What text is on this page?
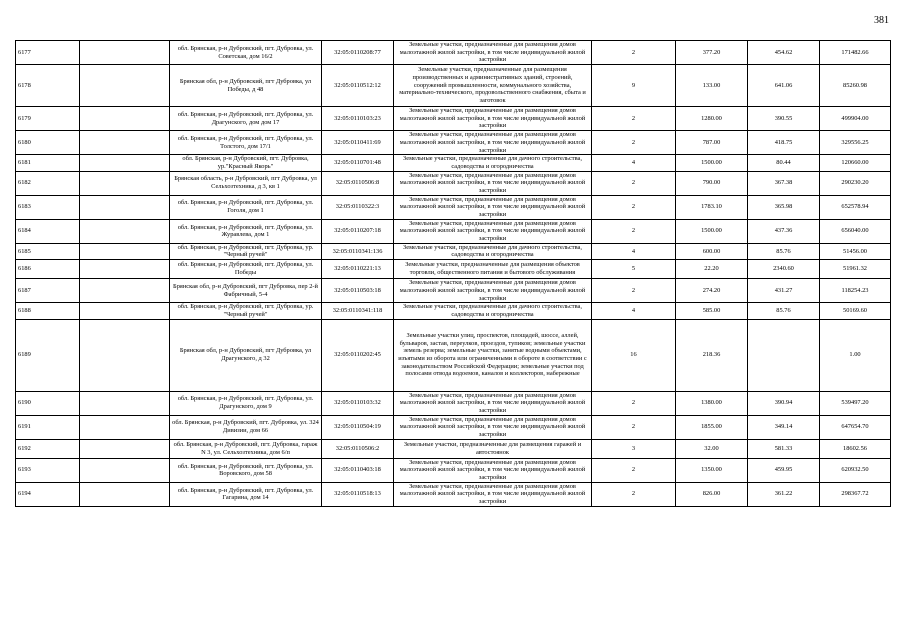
381
6177		обл. Брянская, р-н Дубровский, пгт. Дубровка, ул. Советская, дом 16/2	32:05:0110208:77	Земельные участки, предназначенные для размещения домов малоэтажной жилой застройки, в том числе индивидуальной жилой застройки	2	377.20	454.62	171482.66
6178		Брянская обл, р-н Дубровский, пгт Дубровка, ул Победы, д 48	32:05:0110512:12	Земельные участки, предназначенные для размещения производственных и административных зданий, строений, сооружений промышленности, коммунального хозяйства, материально-технического, продовольственного снабжения, сбыта и заготовок	9	133.00	641.06	85260.98
6179		обл. Брянская, р-н Дубровский, пгт. Дубровка, ул. Драгунского, дом дом 17	32:05:0110103:23	Земельные участки, предназначенные для размещения домов малоэтажной жилой застройки, в том числе индивидуальной жилой застройки	2	1280.00	390.55	499904.00
6180		обл. Брянская, р-н Дубровский, пгт. Дубровка, ул. Толстого, дом 17/1	32:05:0110411:69	Земельные участки, предназначенные для размещения домов малоэтажной жилой застройки, в том числе индивидуальной жилой застройки	2	787.00	418.75	329556.25
6181		обл. Брянская, р-н Дубровский, пгт. Дубровка, ур."Красный Якорь"	32:05:0110701:48	Земельные участки, предназначенные для дачного строительства, садоводства и огородничества	4	1500.00	80.44	120660.00
6182		Брянская область, р-н Дубровский, пгт Дубровка, ул Сельхозтехника, д 3, кв 1	32:05:0110506:8	Земельные участки, предназначенные для размещения домов малоэтажной жилой застройки, в том числе индивидуальной жилой застройки	2	790.00	367.38	290230.20
6183		обл. Брянская, р-н Дубровский, пгт. Дубровка, ул. Гоголя, дом 1	32:05:0110322:3	Земельные участки, предназначенные для размещения домов малоэтажной жилой застройки, в том числе индивидуальной жилой застройки	2	1783.10	365.98	652578.94
6184		обл. Брянская, р-н Дубровский, пгт. Дубровка, ул. Журавлева, дом 1	32:05:0110207:18	Земельные участки, предназначенные для размещения домов малоэтажной жилой застройки, в том числе индивидуальной жилой застройки	2	1500.00	437.36	656040.00
6185		обл. Брянская, р-н Дубровский, пгт. Дубровка, ур. "Черный ручей"	32:05:0110341:136	Земельные участки, предназначенные для дачного строительства, садоводства и огородничества	4	600.00	85.76	51456.00
6186		обл. Брянская, р-н Дубровский, пгт. Дубровка, ул. Победы	32:05:0110221:13	Земельные участки, предназначенные для размещения объектов торговли, общественного питания и бытового обслуживания	5	22.20	2340.60	51961.32
6187		Брянская обл, р-н Дубровский, пгт Дубровка, пер 2-й Фабричный, 5-4	32:05:0110503:18	Земельные участки, предназначенные для размещения домов малоэтажной жилой застройки, в том числе индивидуальной жилой застройки	2	274.20	431.27	118254.23
6188		обл. Брянская, р-н Дубровский, пгт. Дубровка, ур. "Черный ручей"	32:05:0110341:118	Земельные участки, предназначенные для дачного строительства, садоводства и огородничества	4	585.00	85.76	50169.60
6189		Брянская обл, р-н Дубровский, пгт Дубровка, ул Драгунского, д 32	32:05:0110202:45	Земельные участки улиц, проспектов, площадей, шоссе, аллей, бульваров, застав, переулков, проездов, тупиков; земельные участки земель резерва; земельные участки, занятые водными объектами, изъятыми из оборота или ограниченными в обороте в соответствии с законодательством Российской Федерации; земельные участки под полосами отвода водоемов, каналов и коллекторов, набережные	16	218.36		1.00
6190		обл. Брянская, р-н Дубровский, пгт. Дубровка, ул. Драгунского, дом 9	32:05:0110103:32	Земельные участки, предназначенные для размещения домов малоэтажной жилой застройки, в том числе индивидуальной жилой застройки	2	1380.00	390.94	539497.20
6191		обл. Брянская, р-н Дубровский, пгт. Дубровка, ул. 324 Дивизии, дом 66	32:05:0110504:19	Земельные участки, предназначенные для размещения домов малоэтажной жилой застройки, в том числе индивидуальной жилой застройки	2	1855.00	349.14	647654.70
6192		обл. Брянская, р-н Дубровский, пгт. Дубровка, гараж N 3, ул. Сельхозтехника, дом 6/п	32:05:0110506:2	Земельные участки, предназначенные для размещения гаражей и автостоянок	3	32.00	581.33	18602.56
6193		обл. Брянская, р-н Дубровский, пгт. Дубровка, ул. Воровского, дом 58	32:05:0110403:18	Земельные участки, предназначенные для размещения домов малоэтажной жилой застройки, в том числе индивидуальной жилой застройки	2	1350.00	459.95	620932.50
6194		обл. Брянская, р-н Дубровский, пгт. Дубровка, ул. Гагарина, дом 14	32:05:0110518:13	Земельные участки, предназначенные для размещения домов малоэтажной жилой застройки, в том числе индивидуальной жилой застройки	2	826.00	361.22	298367.72
